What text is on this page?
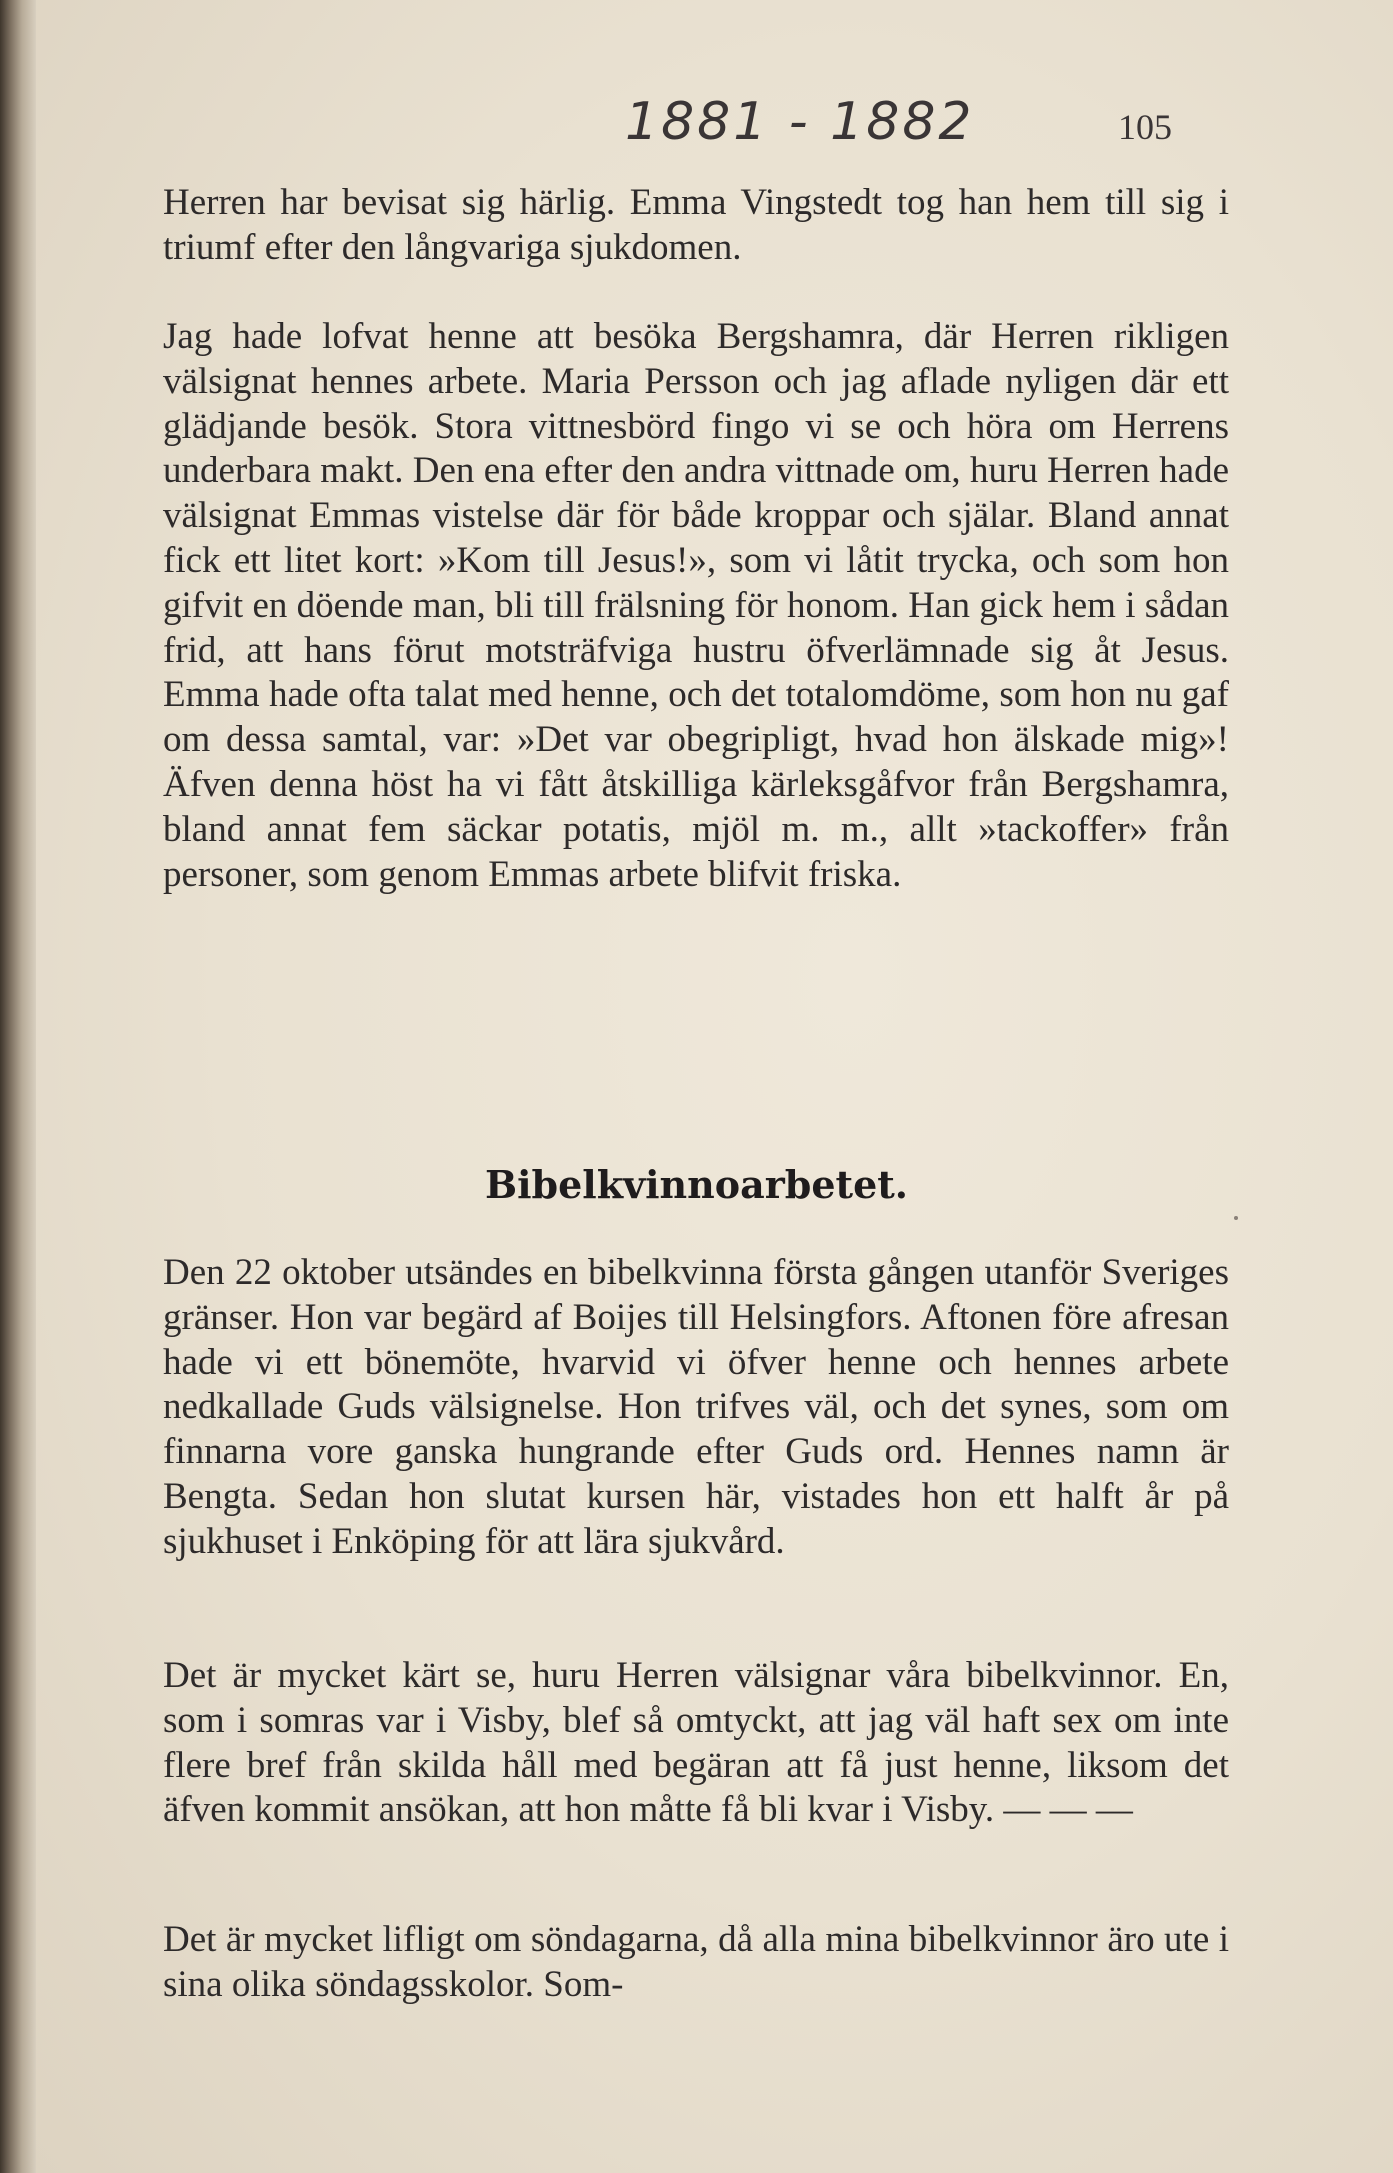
1881 - 1882	105

Herren har bevisat sig härlig. Emma Vingstedt tog han hem till sig i triumf efter den långvariga sjukdomen.

Jag hade lofvat henne att besöka Bergshamra, där Herren rikligen välsignat hennes arbete. Maria Persson och jag aflade nyligen där ett glädjande besök. Stora vittnesbörd fingo vi se och höra om Herrens underbara makt. Den ena efter den andra vittnade om, huru Herren hade välsignat Emmas vistelse där för både kroppar och själar. Bland annat fick ett litet kort: »Kom till Jesus!», som vi låtit trycka, och som hon gifvit en döende man, bli till frälsning för honom. Han gick hem i sådan frid, att hans förut motsträfviga hustru öfverlämnade sig åt Jesus. Emma hade ofta talat med henne, och det totalomdöme, som hon nu gaf om dessa samtal, var: »Det var obegripligt, hvad hon älskade mig»! Äfven denna höst ha vi fått åtskilliga kärleksgåfvor från Bergshamra, bland annat fem säckar potatis, mjöl m. m., allt »tackoffer» från personer, som genom Emmas arbete blifvit friska.

Bibelkvinnoarbetet.

Den 22 oktober utsändes en bibelkvinna första gången utanför Sveriges gränser. Hon var begärd af Boijes till Helsingfors. Aftonen före afresan hade vi ett bönemöte, hvarvid vi öfver henne och hennes arbete nedkallade Guds välsignelse. Hon trifves väl, och det synes, som om finnarna vore ganska hungrande efter Guds ord. Hennes namn är Bengta. Sedan hon slutat kursen här, vistades hon ett halft år på sjukhuset i Enköping för att lära sjukvård.

Det är mycket kärt se, huru Herren välsignar våra bibelkvinnor. En, som i somras var i Visby, blef så omtyckt, att jag väl haft sex om inte flere bref från skilda håll med begäran att få just henne, liksom det äfven kommit ansökan, att hon måtte få bli kvar i Visby. — — —

Det är mycket lifligt om söndagarna, då alla mina bibelkvinnor äro ute i sina olika söndagsskolor. Som-
